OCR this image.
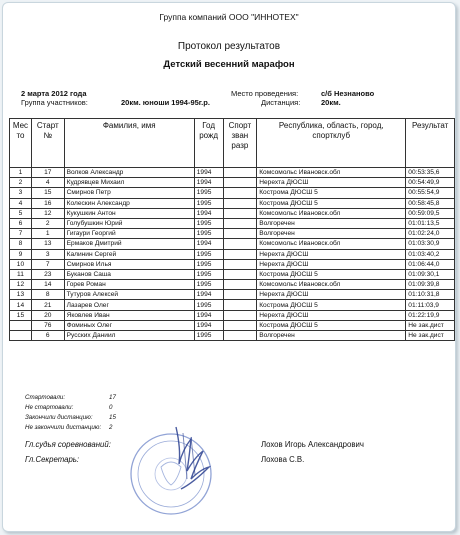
Группа компаний ООО "ИННОТЕХ"
Протокол результатов
Детский весенний марафон
2 марта 2012 года
Группа участников:	20км. юноши 1994-95г.р.
Место проведения:	с/б Незнаново
Дистанция:	20км.
Мес то	Старт №	Фамилия, имя	Год рожд	Спорт зван разр	Республика, область, город, спортклуб	Результат
1	17	Волков Александр	1994		Комсомольс Ивановск.обл	00:53:35,6
2	4	Кудрявцев Михаил	1994		Нерехта ДЮСШ	00:54:49,9
3	15	Смирнов Петр	1995		Кострома ДЮСШ 5	00:55:54,9
4	16	Колескин Александр	1995		Кострома ДЮСШ 5	00:58:45,8
5	12	Кукушкин Антон	1994		Комсомольс Ивановск.обл	00:59:09,5
6	2	Голубушкин Юрий	1995		Волгоречен	01:01:13,5
7	1	Гигаури Георгий	1995		Волгоречен	01:02:24,0
8	13	Ермаков Дмитрий	1994		Комсомольс Ивановск.обл	01:03:30,9
9	3	Калинин Сергей	1995		Нерехта ДЮСШ	01:03:40,2
10	7	Смирнов Илья	1995		Нерехта ДЮСШ	01:06:44,0
11	23	Буканов Саша	1995		Кострома ДЮСШ 5	01:09:30,1
12	14	Горев Роман	1995		Комсомольс Ивановск.обл	01:09:39,8
13	8	Тутуров Алексей	1994		Нерехта ДЮСШ	01:10:31,8
14	21	Лазарев Олег	1995		Кострома ДЮСШ 5	01:11:03,9
15	20	Яковлев Иван	1994		Нерехта ДЮСШ	01:22:19,9
	76	Фоминых Олег	1994		Кострома ДЮСШ 5	Не зак.дист
	6	Русских Даниил	1995		Волгоречен	Не зак.дист
Стартовали:	17
Не стартовали:	0
Закончили дистанцию:	15
Не закончили дистанцию: 2
Гл.судья соревнований:
Гл.Секретарь:
Лохов Игорь Александрович
Лохова С.В.
